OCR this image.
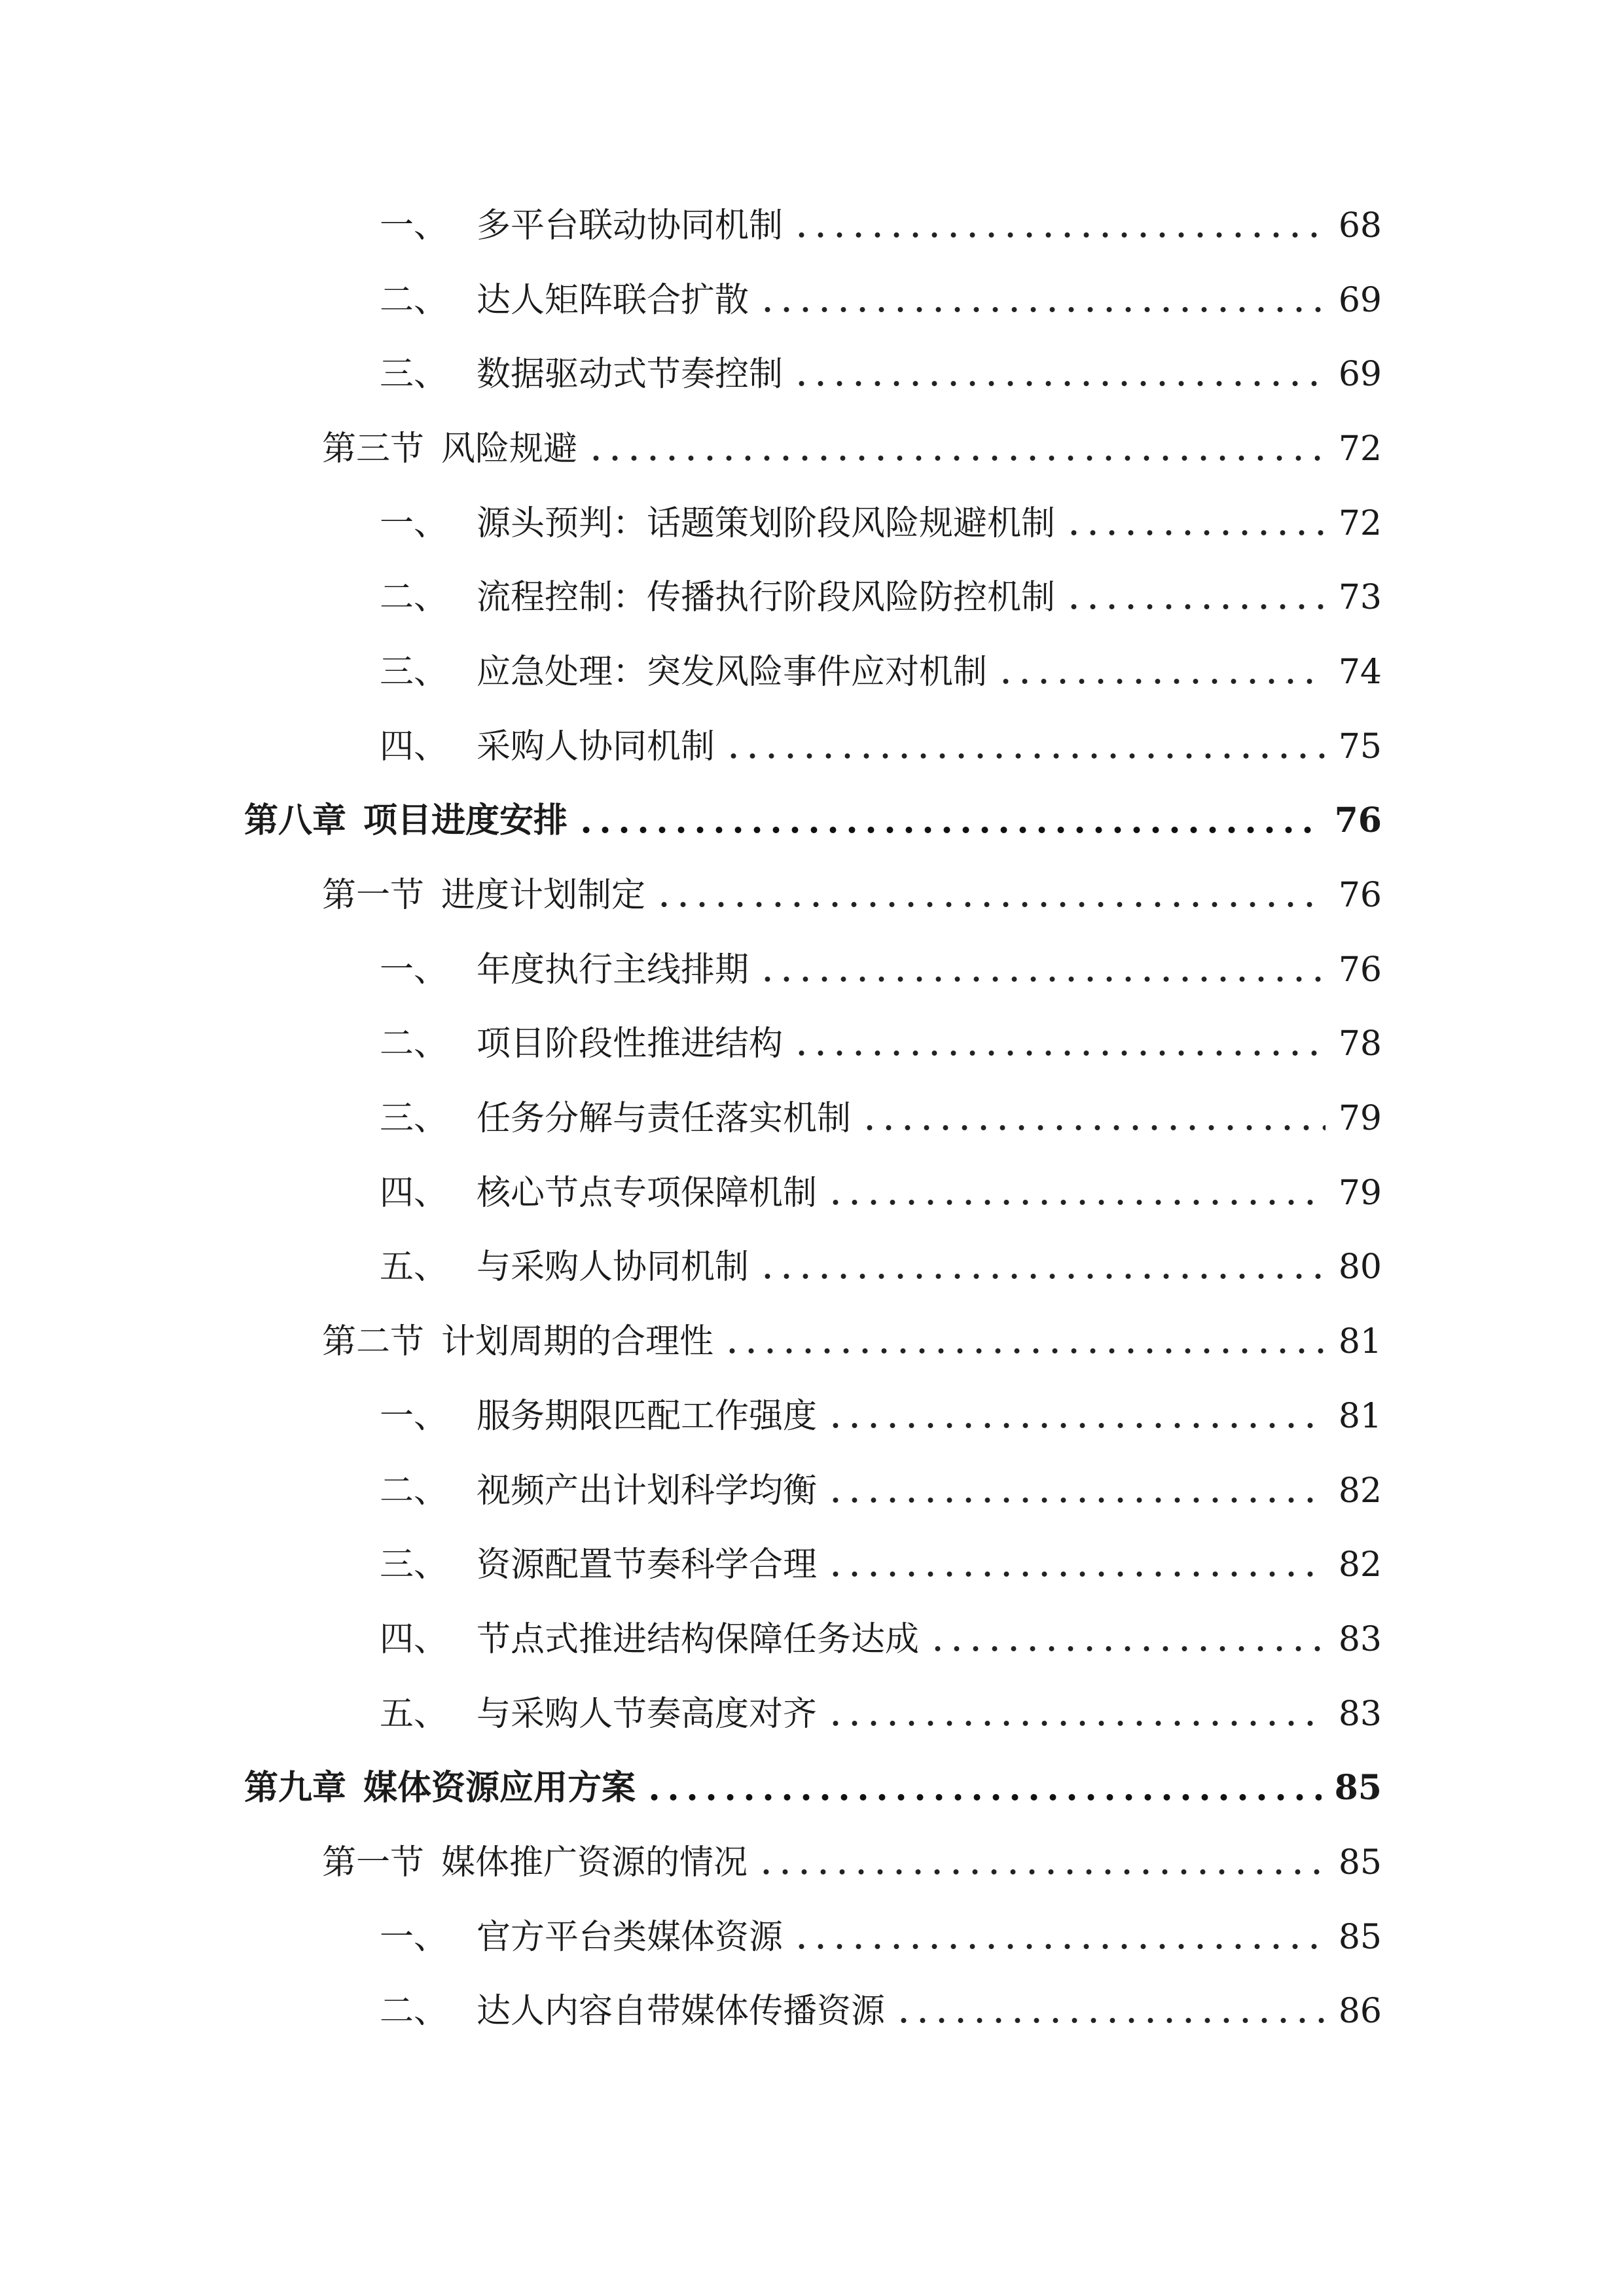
一、 多平台联动协同机制	68
二、 达人矩阵联合扩散	69
三、 数据驱动式节奏控制	69
第三节 风险规避	72
一、 源头预判：话题策划阶段风险规避机制	72
二、 流程控制：传播执行阶段风险防控机制	73
三、 应急处理：突发风险事件应对机制	74
四、 采购人协同机制	75
第八章 项目进度安排	76
第一节 进度计划制定	76
一、 年度执行主线排期	76
二、 项目阶段性推进结构	78
三、 任务分解与责任落实机制	79
四、 核心节点专项保障机制	79
五、 与采购人协同机制	80
第二节 计划周期的合理性	81
一、 服务期限匹配工作强度	81
二、 视频产出计划科学均衡	82
三、 资源配置节奏科学合理	82
四、 节点式推进结构保障任务达成	83
五、 与采购人节奏高度对齐	83
第九章 媒体资源应用方案	85
第一节 媒体推广资源的情况	85
一、 官方平台类媒体资源	85
二、 达人内容自带媒体传播资源	86
